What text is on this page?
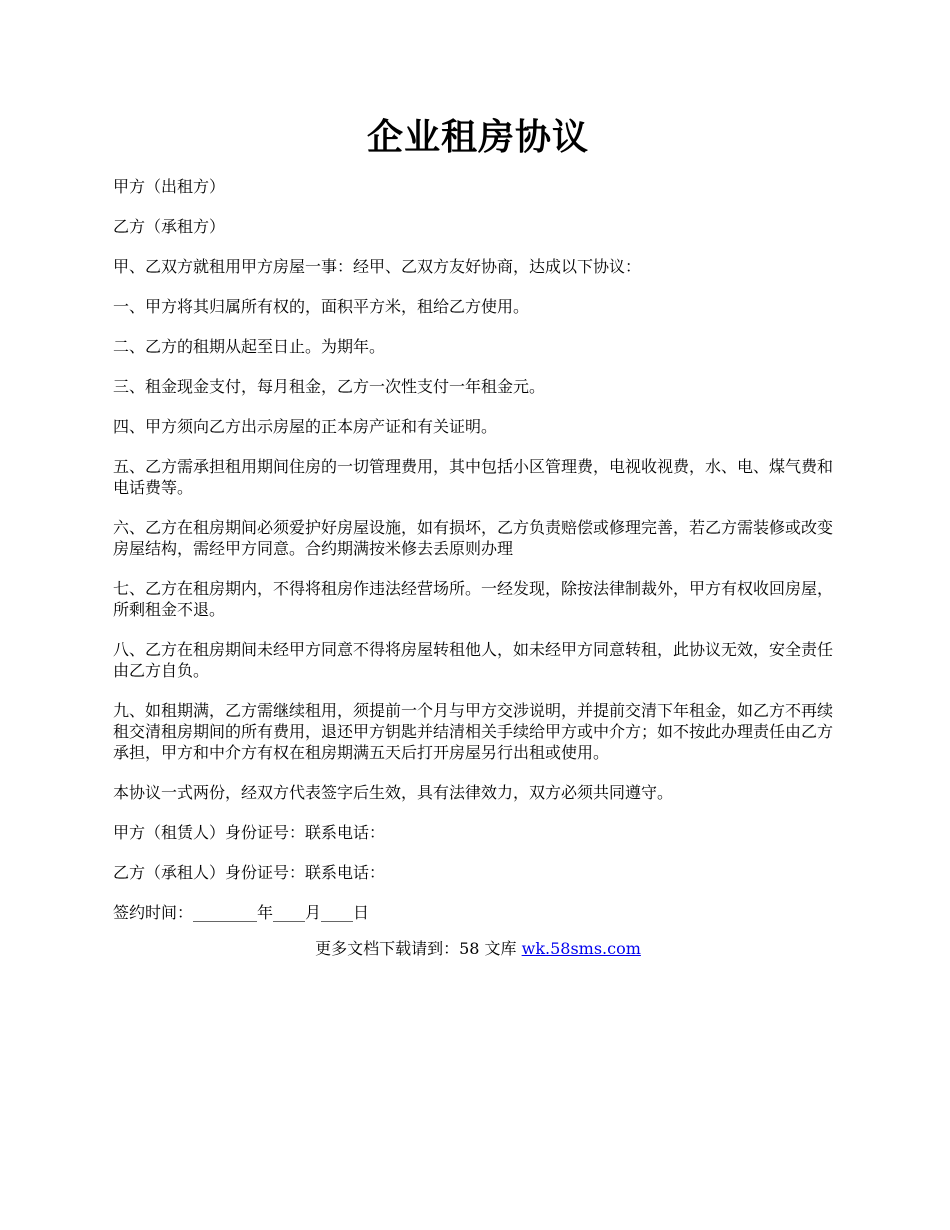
企业租房协议

甲方（出租方）

乙方（承租方）

甲、乙双方就租用甲方房屋一事：经甲、乙双方友好协商，达成以下协议：

一、甲方将其归属所有权的，面积平方米，租给乙方使用。

二、乙方的租期从起至日止。为期年。

三、租金现金支付，每月租金，乙方一次性支付一年租金元。

四、甲方须向乙方出示房屋的正本房产证和有关证明。

五、乙方需承担租用期间住房的一切管理费用，其中包括小区管理费，电视收视费，水、电、煤气费和电话费等。

六、乙方在租房期间必须爱护好房屋设施，如有损坏，乙方负责赔偿或修理完善，若乙方需装修或改变房屋结构，需经甲方同意。合约期满按米修去丢原则办理

七、乙方在租房期内，不得将租房作违法经营场所。一经发现，除按法律制裁外，甲方有权收回房屋，所剩租金不退。

八、乙方在租房期间未经甲方同意不得将房屋转租他人，如未经甲方同意转租，此协议无效，安全责任由乙方自负。

九、如租期满，乙方需继续租用，须提前一个月与甲方交涉说明，并提前交清下年租金，如乙方不再续租交清租房期间的所有费用，退还甲方钥匙并结清相关手续给甲方或中介方；如不按此办理责任由乙方承担，甲方和中介方有权在租房期满五天后打开房屋另行出租或使用。

本协议一式两份，经双方代表签字后生效，具有法律效力，双方必须共同遵守。

甲方（租赁人）身份证号：联系电话：

乙方（承租人）身份证号：联系电话：

签约时间：________年____月____日

更多文档下载请到：58 文库 wk.58sms.com
